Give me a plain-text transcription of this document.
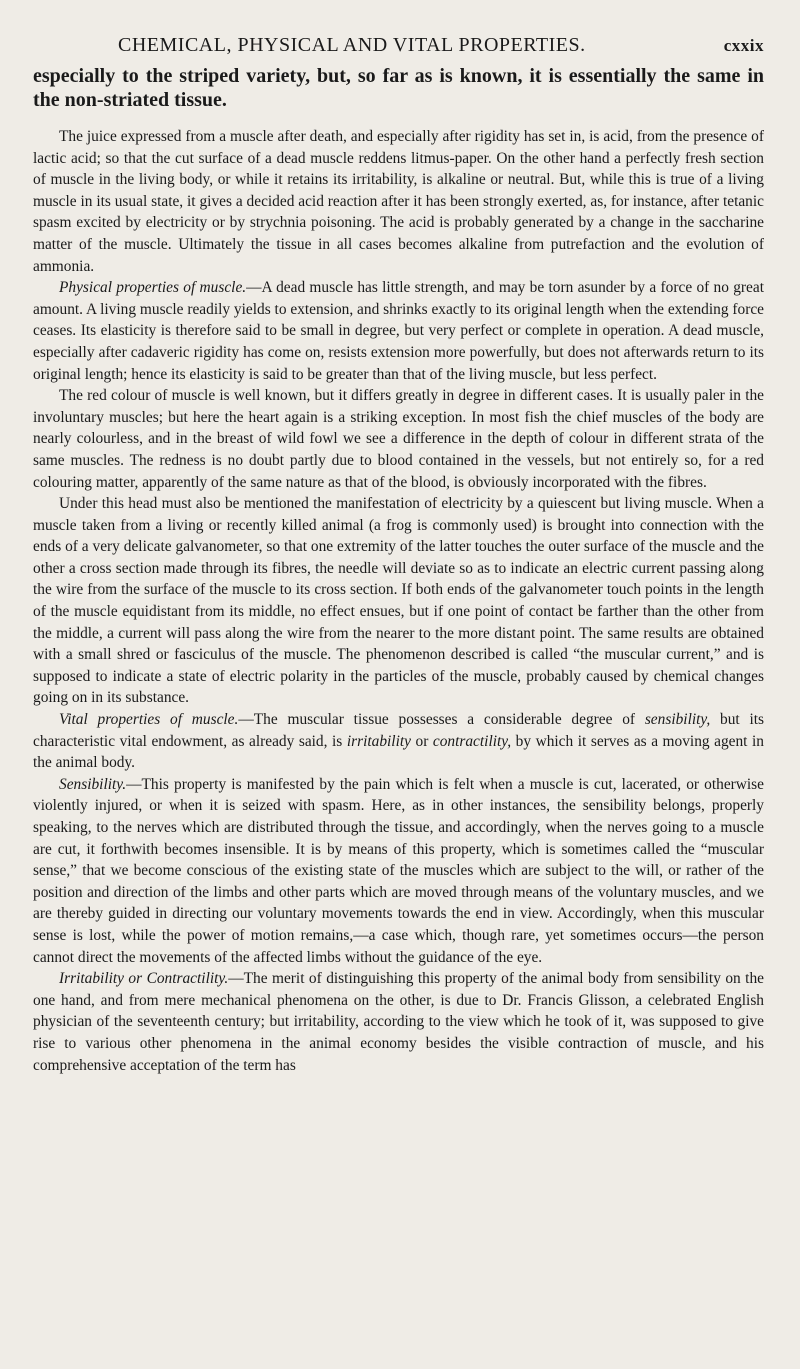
CHEMICAL, PHYSICAL AND VITAL PROPERTIES.	cxxix

especially to the striped variety, but, so far as is known, it is essentially the same in the non-striated tissue.

The juice expressed from a muscle after death, and especially after rigidity has set in, is acid, from the presence of lactic acid; so that the cut surface of a dead muscle reddens litmus-paper. On the other hand a perfectly fresh section of muscle in the living body, or while it retains its irritability, is alkaline or neutral. But, while this is true of a living muscle in its usual state, it gives a decided acid reaction after it has been strongly exerted, as, for instance, after tetanic spasm excited by electricity or by strychnia poisoning. The acid is probably generated by a change in the saccharine matter of the muscle. Ultimately the tissue in all cases becomes alkaline from putrefaction and the evolution of ammonia.

Physical properties of muscle.—A dead muscle has little strength, and may be torn asunder by a force of no great amount. A living muscle readily yields to extension, and shrinks exactly to its original length when the extending force ceases. Its elasticity is therefore said to be small in degree, but very perfect or complete in operation. A dead muscle, especially after cadaveric rigidity has come on, resists extension more powerfully, but does not afterwards return to its original length; hence its elasticity is said to be greater than that of the living muscle, but less perfect.

The red colour of muscle is well known, but it differs greatly in degree in different cases. It is usually paler in the involuntary muscles; but here the heart again is a striking exception. In most fish the chief muscles of the body are nearly colourless, and in the breast of wild fowl we see a difference in the depth of colour in different strata of the same muscles. The redness is no doubt partly due to blood contained in the vessels, but not entirely so, for a red colouring matter, apparently of the same nature as that of the blood, is obviously incorporated with the fibres.

Under this head must also be mentioned the manifestation of electricity by a quiescent but living muscle. When a muscle taken from a living or recently killed animal (a frog is commonly used) is brought into connection with the ends of a very delicate galvanometer, so that one extremity of the latter touches the outer surface of the muscle and the other a cross section made through its fibres, the needle will deviate so as to indicate an electric current passing along the wire from the surface of the muscle to its cross section. If both ends of the galvanometer touch points in the length of the muscle equidistant from its middle, no effect ensues, but if one point of contact be farther than the other from the middle, a current will pass along the wire from the nearer to the more distant point. The same results are obtained with a small shred or fasciculus of the muscle. The phenomenon described is called “the muscular current,” and is supposed to indicate a state of electric polarity in the particles of the muscle, probably caused by chemical changes going on in its substance.

Vital properties of muscle.—The muscular tissue possesses a considerable degree of sensibility, but its characteristic vital endowment, as already said, is irritability or contractility, by which it serves as a moving agent in the animal body.

Sensibility.—This property is manifested by the pain which is felt when a muscle is cut, lacerated, or otherwise violently injured, or when it is seized with spasm. Here, as in other instances, the sensibility belongs, properly speaking, to the nerves which are distributed through the tissue, and accordingly, when the nerves going to a muscle are cut, it forthwith becomes insensible. It is by means of this property, which is sometimes called the “muscular sense,” that we become conscious of the existing state of the muscles which are subject to the will, or rather of the position and direction of the limbs and other parts which are moved through means of the voluntary muscles, and we are thereby guided in directing our voluntary movements towards the end in view. Accordingly, when this muscular sense is lost, while the power of motion remains,—a case which, though rare, yet sometimes occurs—the person cannot direct the movements of the affected limbs without the guidance of the eye.

Irritability or Contractility.—The merit of distinguishing this property of the animal body from sensibility on the one hand, and from mere mechanical phenomena on the other, is due to Dr. Francis Glisson, a celebrated English physician of the seventeenth century; but irritability, according to the view which he took of it, was supposed to give rise to various other phenomena in the animal economy besides the visible contraction of muscle, and his comprehensive acceptation of the term has
